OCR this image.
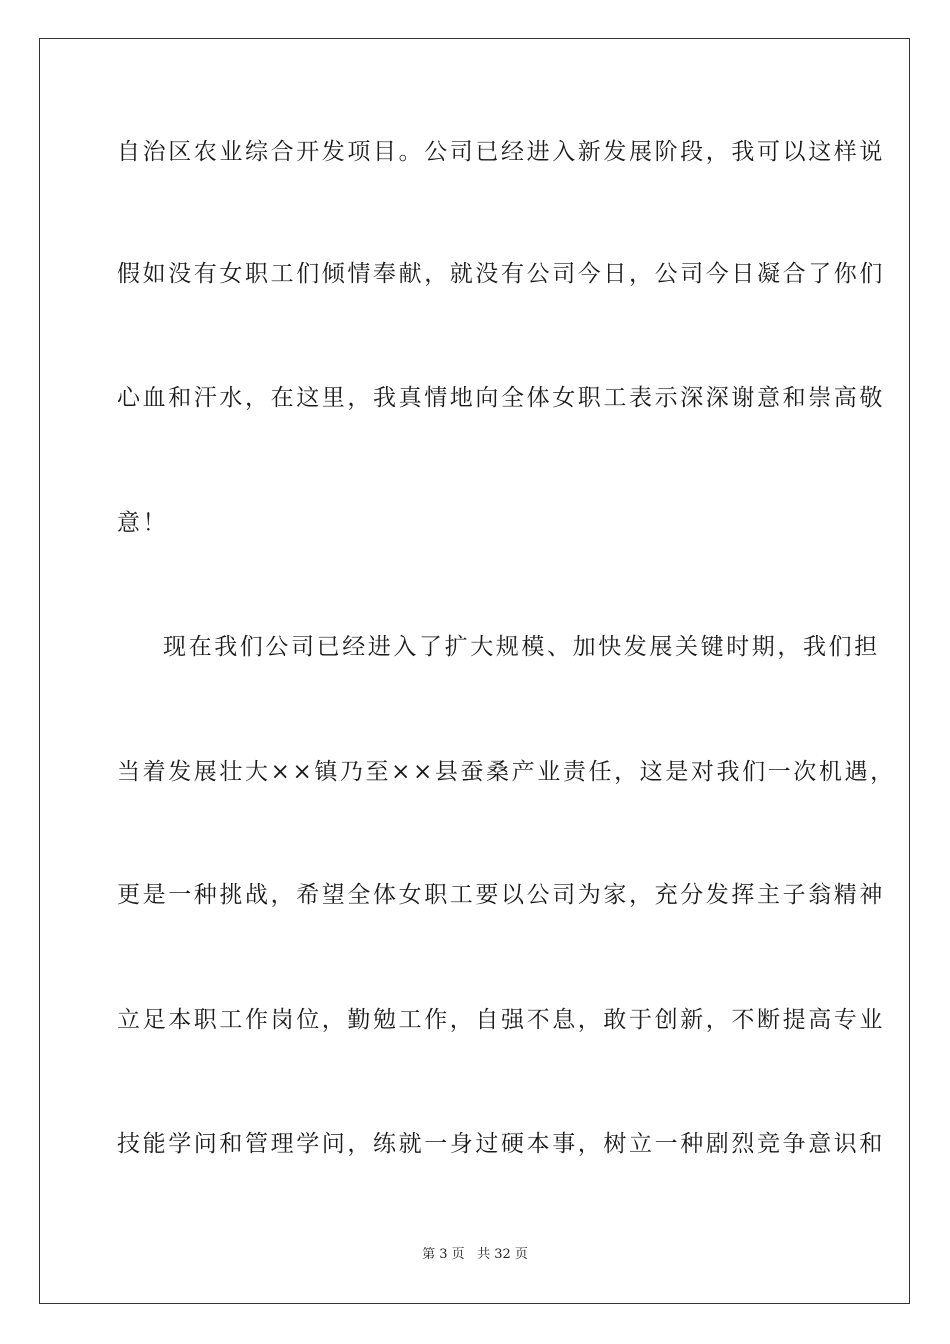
自治区农业综合开发项目。公司已经进入新发展阶段，我可以这样说
假如没有女职工们倾情奉献，就没有公司今日，公司今日凝合了你们
心血和汗水，在这里，我真情地向全体女职工表示深深谢意和崇高敬
意！
现在我们公司已经进入了扩大规模、加快发展关键时期，我们担
当着发展壮大××镇乃至××县蚕桑产业责任，这是对我们一次机遇，
更是一种挑战，希望全体女职工要以公司为家，充分发挥主子翁精神
立足本职工作岗位，勤勉工作，自强不息，敢于创新，不断提高专业
技能学问和管理学问，练就一身过硬本事，树立一种剧烈竞争意识和
第 3 页 共 32 页
